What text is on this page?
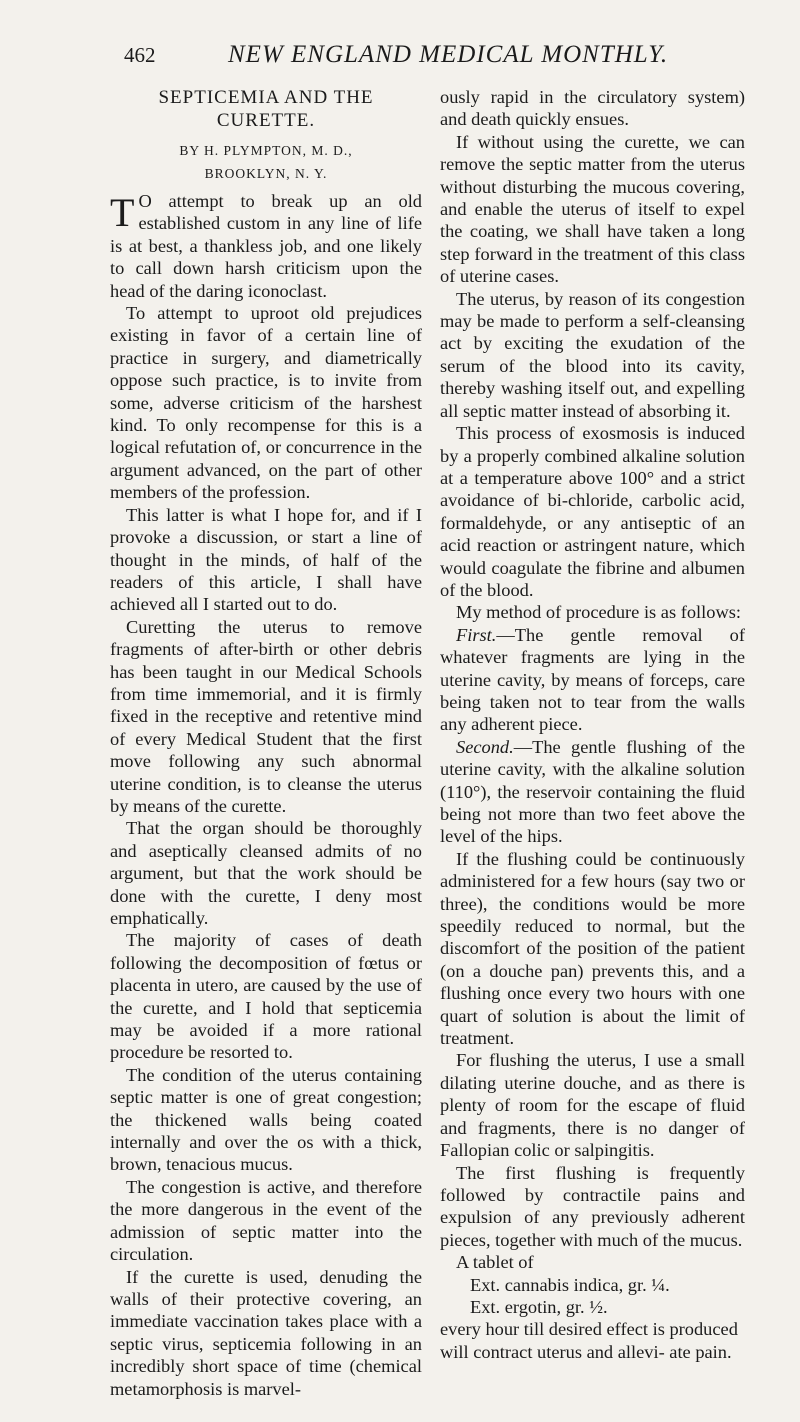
462	NEW ENGLAND MEDICAL MONTHLY.
SEPTICEMIA AND THE
CURETTE.
BY H. PLYMPTON, M. D.,
BROOKLYN, N. Y.

T O attempt to break up an old established custom in any line of life is at best, a thankless job, and one likely to call down harsh criticism upon the head of the daring iconoclast.

To attempt to uproot old prejudices existing in favor of a certain line of practice in surgery, and diametrically oppose such practice, is to invite from some, adverse criticism of the harshest kind. To only recompense for this is a logical refutation of, or concurrence in the argument advanced, on the part of other members of the profession.

This latter is what I hope for, and if I provoke a discussion, or start a line of thought in the minds, of half of the readers of this article, I shall have achieved all I started out to do.

Curetting the uterus to remove fragments of after-birth or other debris has been taught in our Medical Schools from time immemorial, and it is firmly fixed in the receptive and retentive mind of every Medical Student that the first move following any such abnormal uterine condition, is to cleanse the uterus by means of the curette.

That the organ should be thoroughly and aseptically cleansed admits of no argument, but that the work should be done with the curette, I deny most emphatically.

The majority of cases of death following the decomposition of fœtus or placenta in utero, are caused by the use of the curette, and I hold that septicemia may be avoided if a more rational procedure be resorted to.

The condition of the uterus containing septic matter is one of great congestion; the thickened walls being coated internally and over the os with a thick, brown, tenacious mucus.

The congestion is active, and therefore the more dangerous in the event of the admission of septic matter into the circulation.

If the curette is used, denuding the walls of their protective covering, an immediate vaccination takes place with a septic virus, septicemia following in an incredibly short space of time (chemical metamorphosis is marvel-

ously rapid in the circulatory system) and death quickly ensues.

If without using the curette, we can remove the septic matter from the uterus without disturbing the mucous covering, and enable the uterus of itself to expel the coating, we shall have taken a long step forward in the treatment of this class of uterine cases.

The uterus, by reason of its congestion may be made to perform a self-cleansing act by exciting the exudation of the serum of the blood into its cavity, thereby washing itself out, and expelling all septic matter instead of absorbing it.

This process of exosmosis is induced by a properly combined alkaline solution at a temperature above 100° and a strict avoidance of bi-chloride, carbolic acid, formaldehyde, or any antiseptic of an acid reaction or astringent nature, which would coagulate the fibrine and albumen of the blood.

My method of procedure is as follows:

First.—The gentle removal of whatever fragments are lying in the uterine cavity, by means of forceps, care being taken not to tear from the walls any adherent piece.

Second.—The gentle flushing of the uterine cavity, with the alkaline solution (110°), the reservoir containing the fluid being not more than two feet above the level of the hips.

If the flushing could be continuously administered for a few hours (say two or three), the conditions would be more speedily reduced to normal, but the discomfort of the position of the patient (on a douche pan) prevents this, and a flushing once every two hours with one quart of solution is about the limit of treatment.

For flushing the uterus, I use a small dilating uterine douche, and as there is plenty of room for the escape of fluid and fragments, there is no danger of Fallopian colic or salpingitis.

The first flushing is frequently followed by contractile pains and expulsion of any previously adherent pieces, together with much of the mucus.

A tablet of

Ext. cannabis indica, gr. ¼.

Ext. ergotin, gr. ½.

every hour till desired effect is produced will contract uterus and allevi- ate pain.
